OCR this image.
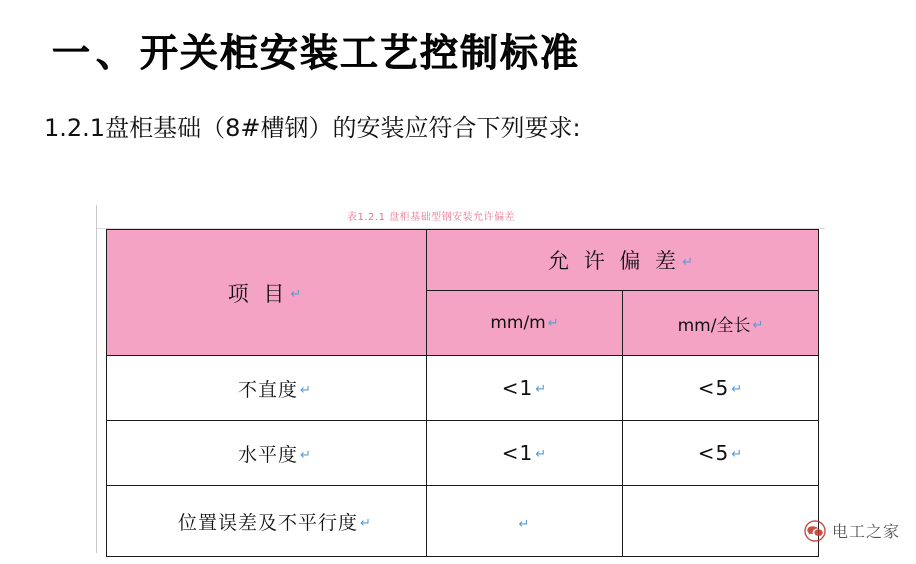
一、开关柜安装工艺控制标准
1.2.1盘柜基础（8#槽钢）的安装应符合下列要求:
表1.2.1 盘柜基础型钢安装允许偏差
项 目 ↵	允 许 偏 差 ↵	
	mm/m ↵	mm/全长 ↵
不直度 ↵	<1 ↵	<5 ↵
水平度 ↵	<1 ↵	<5 ↵
位置误差及不平行度 ↵	↵		电工之家
